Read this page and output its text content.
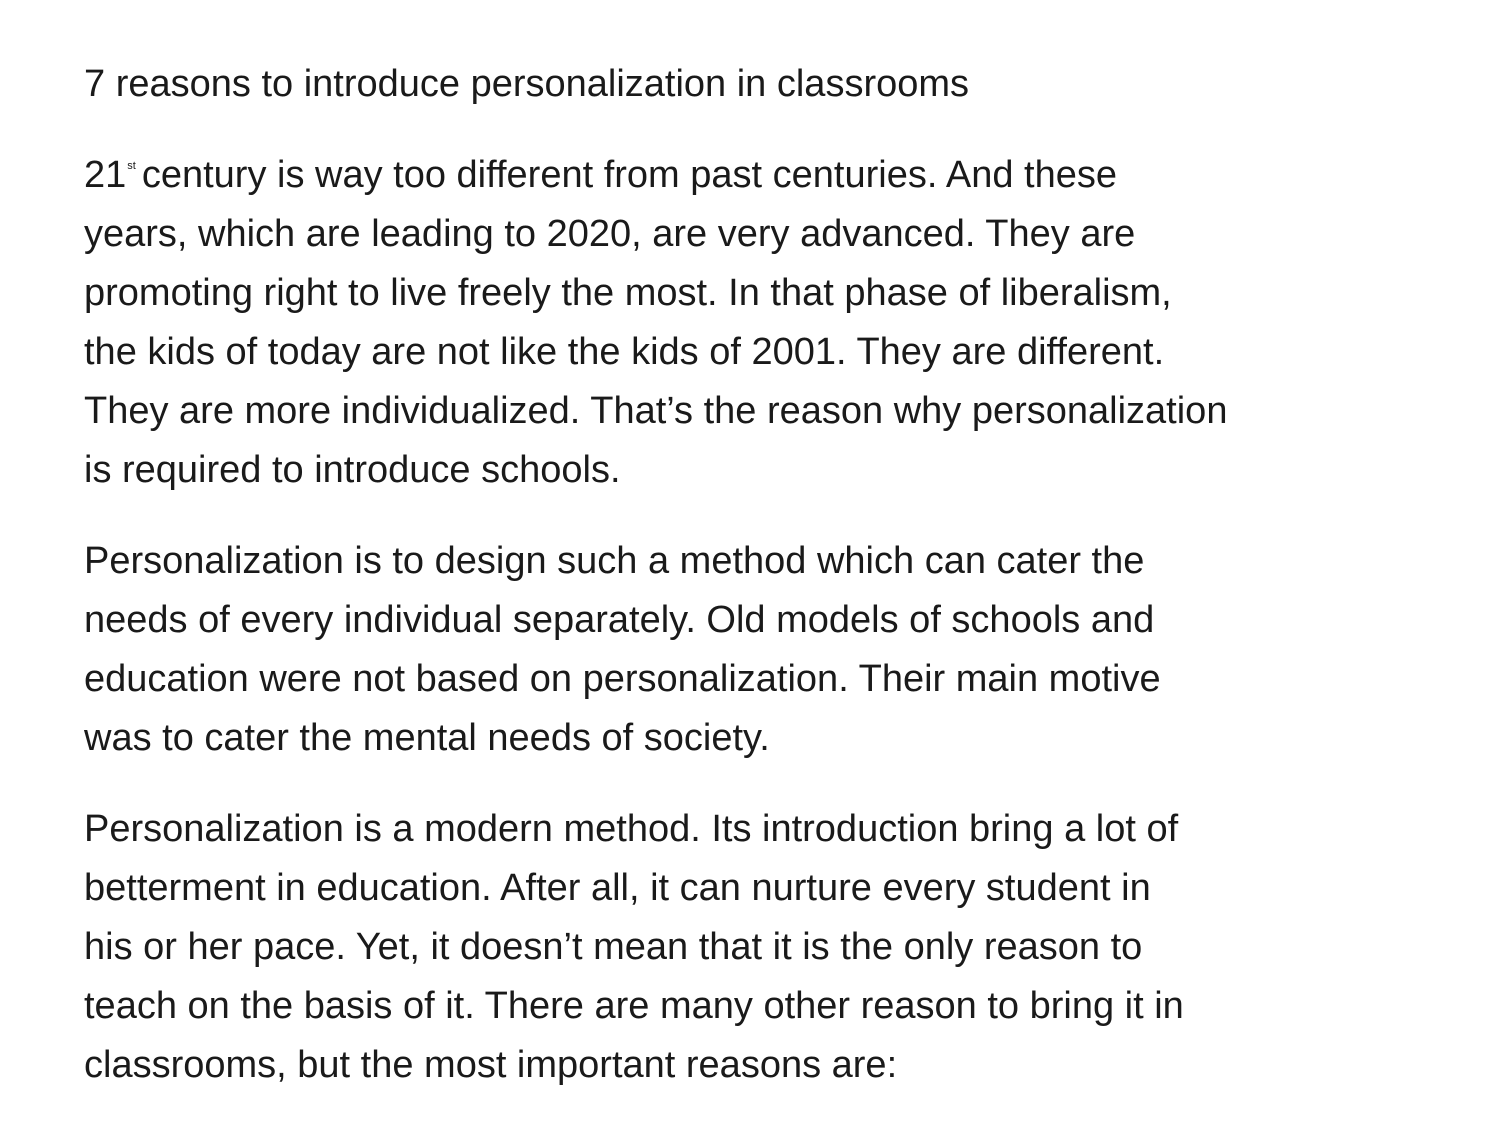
7 reasons to introduce personalization in classrooms
21st century is way too different from past centuries. And these
years, which are leading to 2020, are very advanced. They are
promoting right to live freely the most. In that phase of liberalism,
the kids of today are not like the kids of 2001. They are different.
They are more individualized. That’s the reason why personalization
is required to introduce schools.
Personalization is to design such a method which can cater the
needs of every individual separately. Old models of schools and
education were not based on personalization. Their main motive
was to cater the mental needs of society.
Personalization is a modern method. Its introduction bring a lot of
betterment in education. After all, it can nurture every student in
his or her pace. Yet, it doesn’t mean that it is the only reason to
teach on the basis of it. There are many other reason to bring it in
classrooms, but the most important reasons are:
